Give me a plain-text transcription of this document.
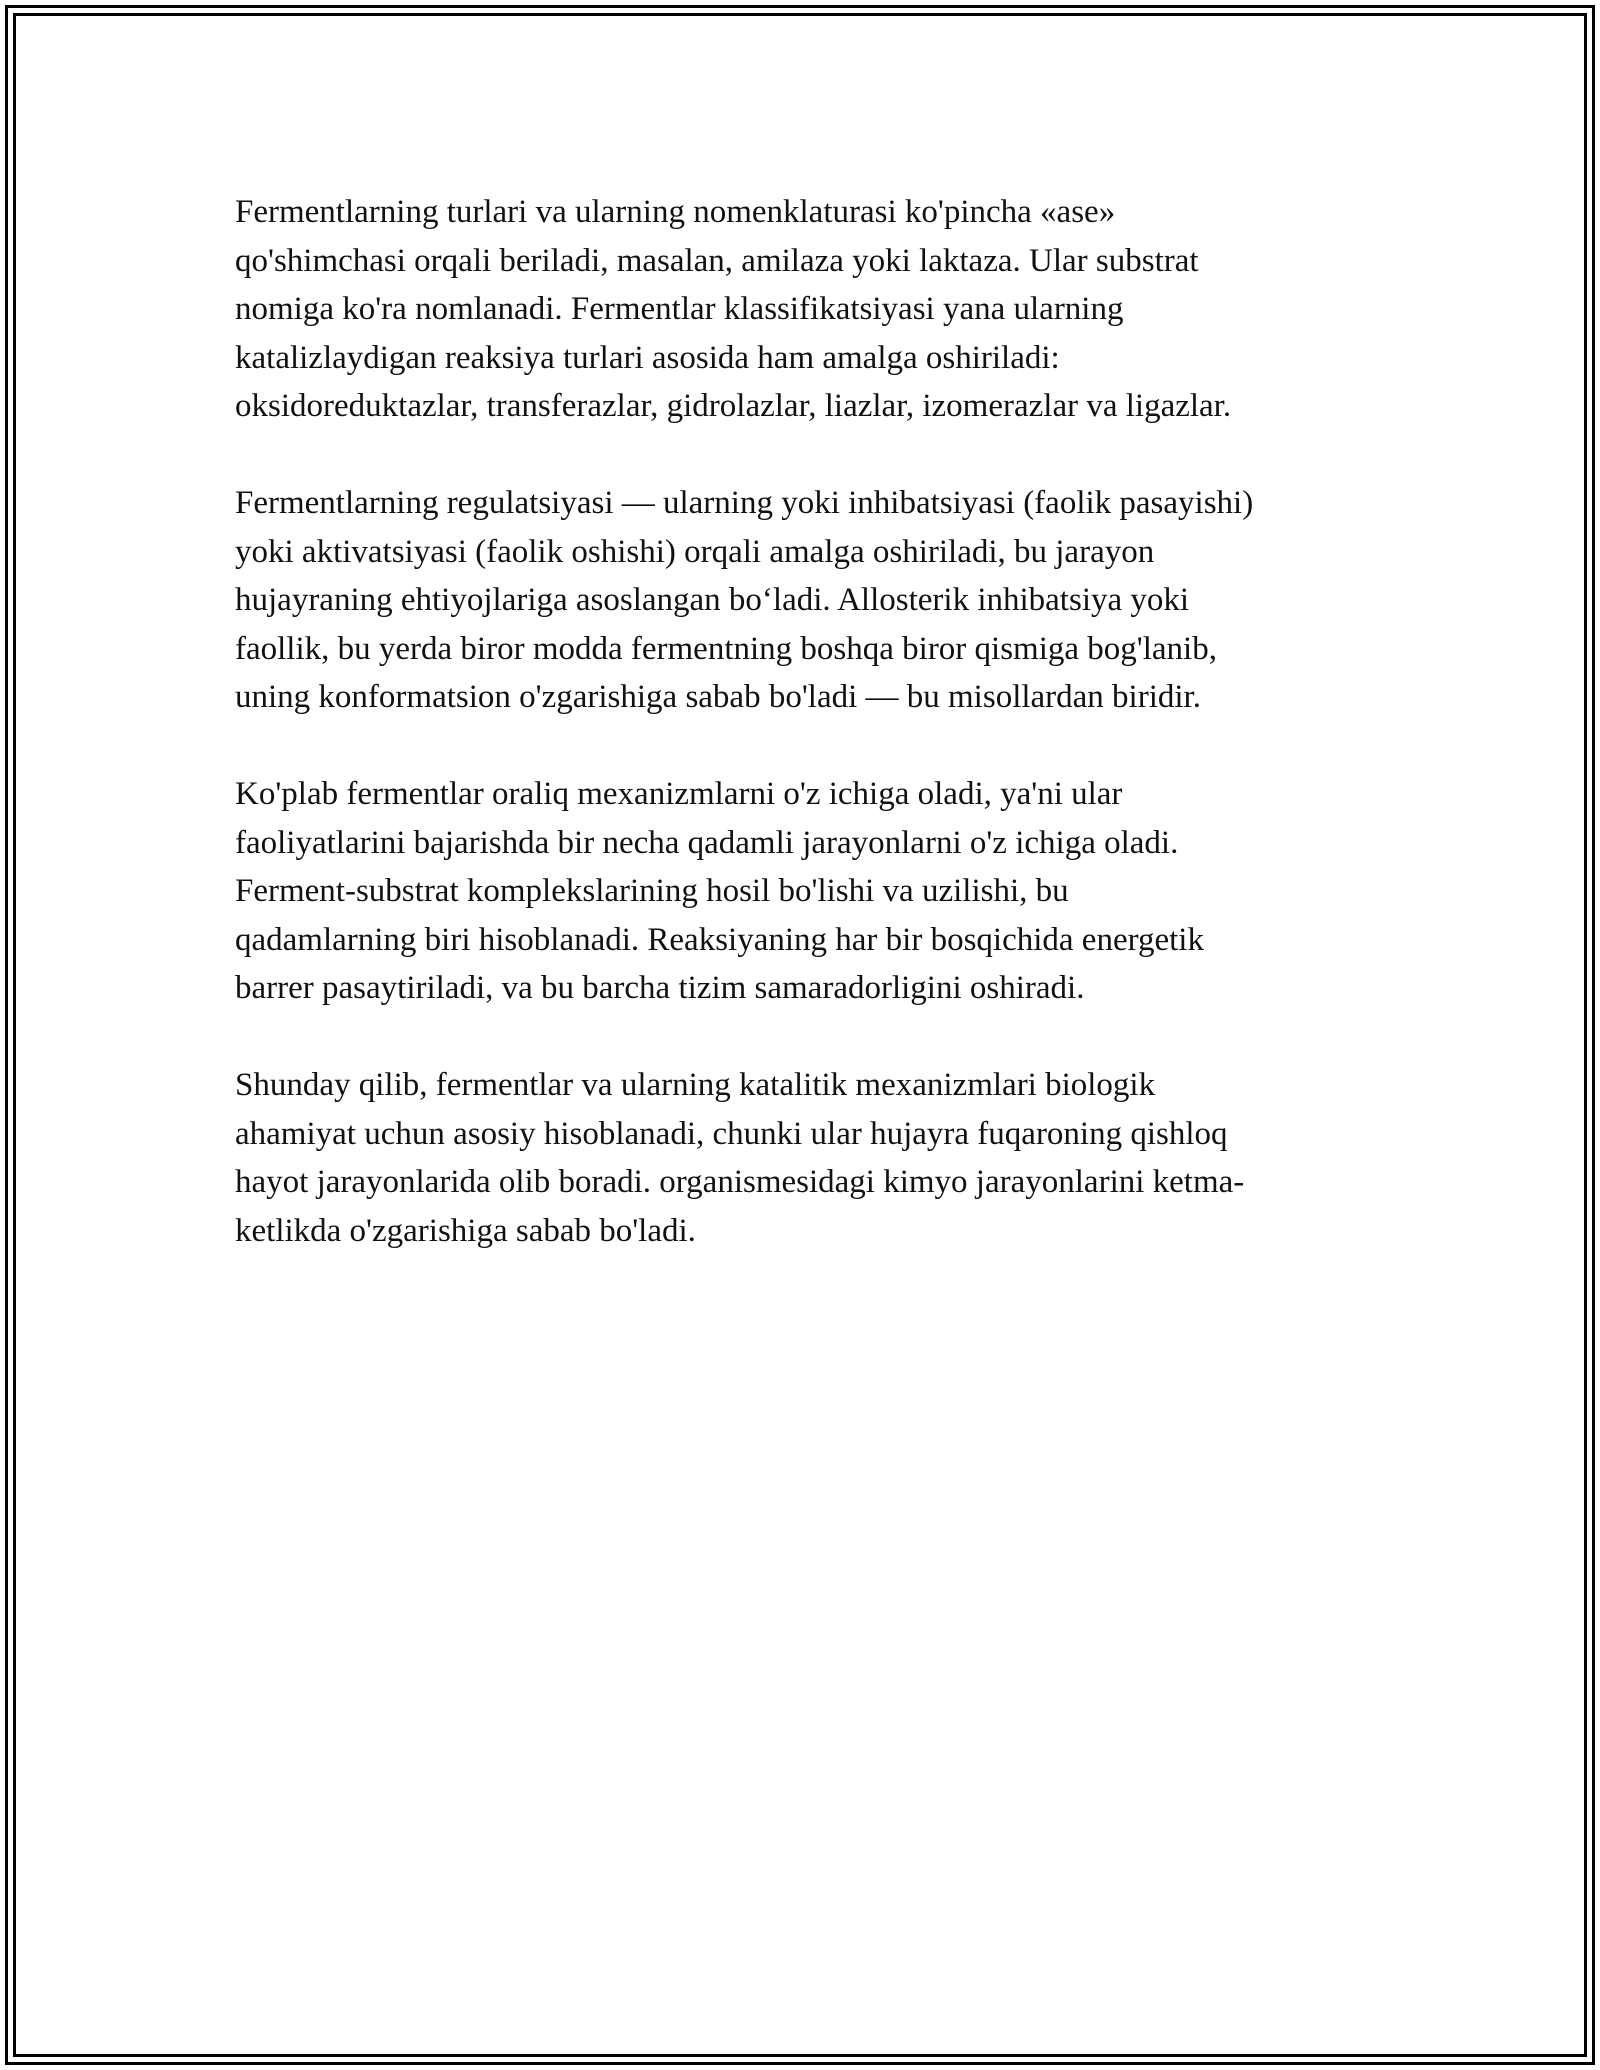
Fermentlarning turlari va ularning nomenklaturasi ko'pincha «ase»
qo'shimchasi orqali beriladi, masalan, amilaza yoki laktaza. Ular substrat
nomiga ko'ra nomlanadi. Fermentlar klassifikatsiyasi yana ularning
katalizlaydigan reaksiya turlari asosida ham amalga oshiriladi:
oksidoreduktazlar, transferazlar, gidrolazlar, liazlar, izomerazlar va ligazlar.

Fermentlarning regulatsiyasi — ularning yoki inhibatsiyasi (faolik pasayishi)
yoki aktivatsiyasi (faolik oshishi) orqali amalga oshiriladi, bu jarayon
hujayraning ehtiyojlariga asoslangan bo‘ladi. Allosterik inhibatsiya yoki
faollik, bu yerda biror modda fermentning boshqa biror qismiga bog'lanib,
uning konformatsion o'zgarishiga sabab bo'ladi — bu misollardan biridir.

Ko'plab fermentlar oraliq mexanizmlarni o'z ichiga oladi, ya'ni ular
faoliyatlarini bajarishda bir necha qadamli jarayonlarni o'z ichiga oladi.
Ferment-substrat komplekslarining hosil bo'lishi va uzilishi, bu
qadamlarning biri hisoblanadi. Reaksiyaning har bir bosqichida energetik
barrer pasaytiriladi, va bu barcha tizim samaradorligini oshiradi.

Shunday qilib, fermentlar va ularning katalitik mexanizmlari biologik
ahamiyat uchun asosiy hisoblanadi, chunki ular hujayra fuqaroning qishloq
hayot jarayonlarida olib boradi. organismesidagi kimyo jarayonlarini ketma-
ketlikda o'zgarishiga sabab bo'ladi.
